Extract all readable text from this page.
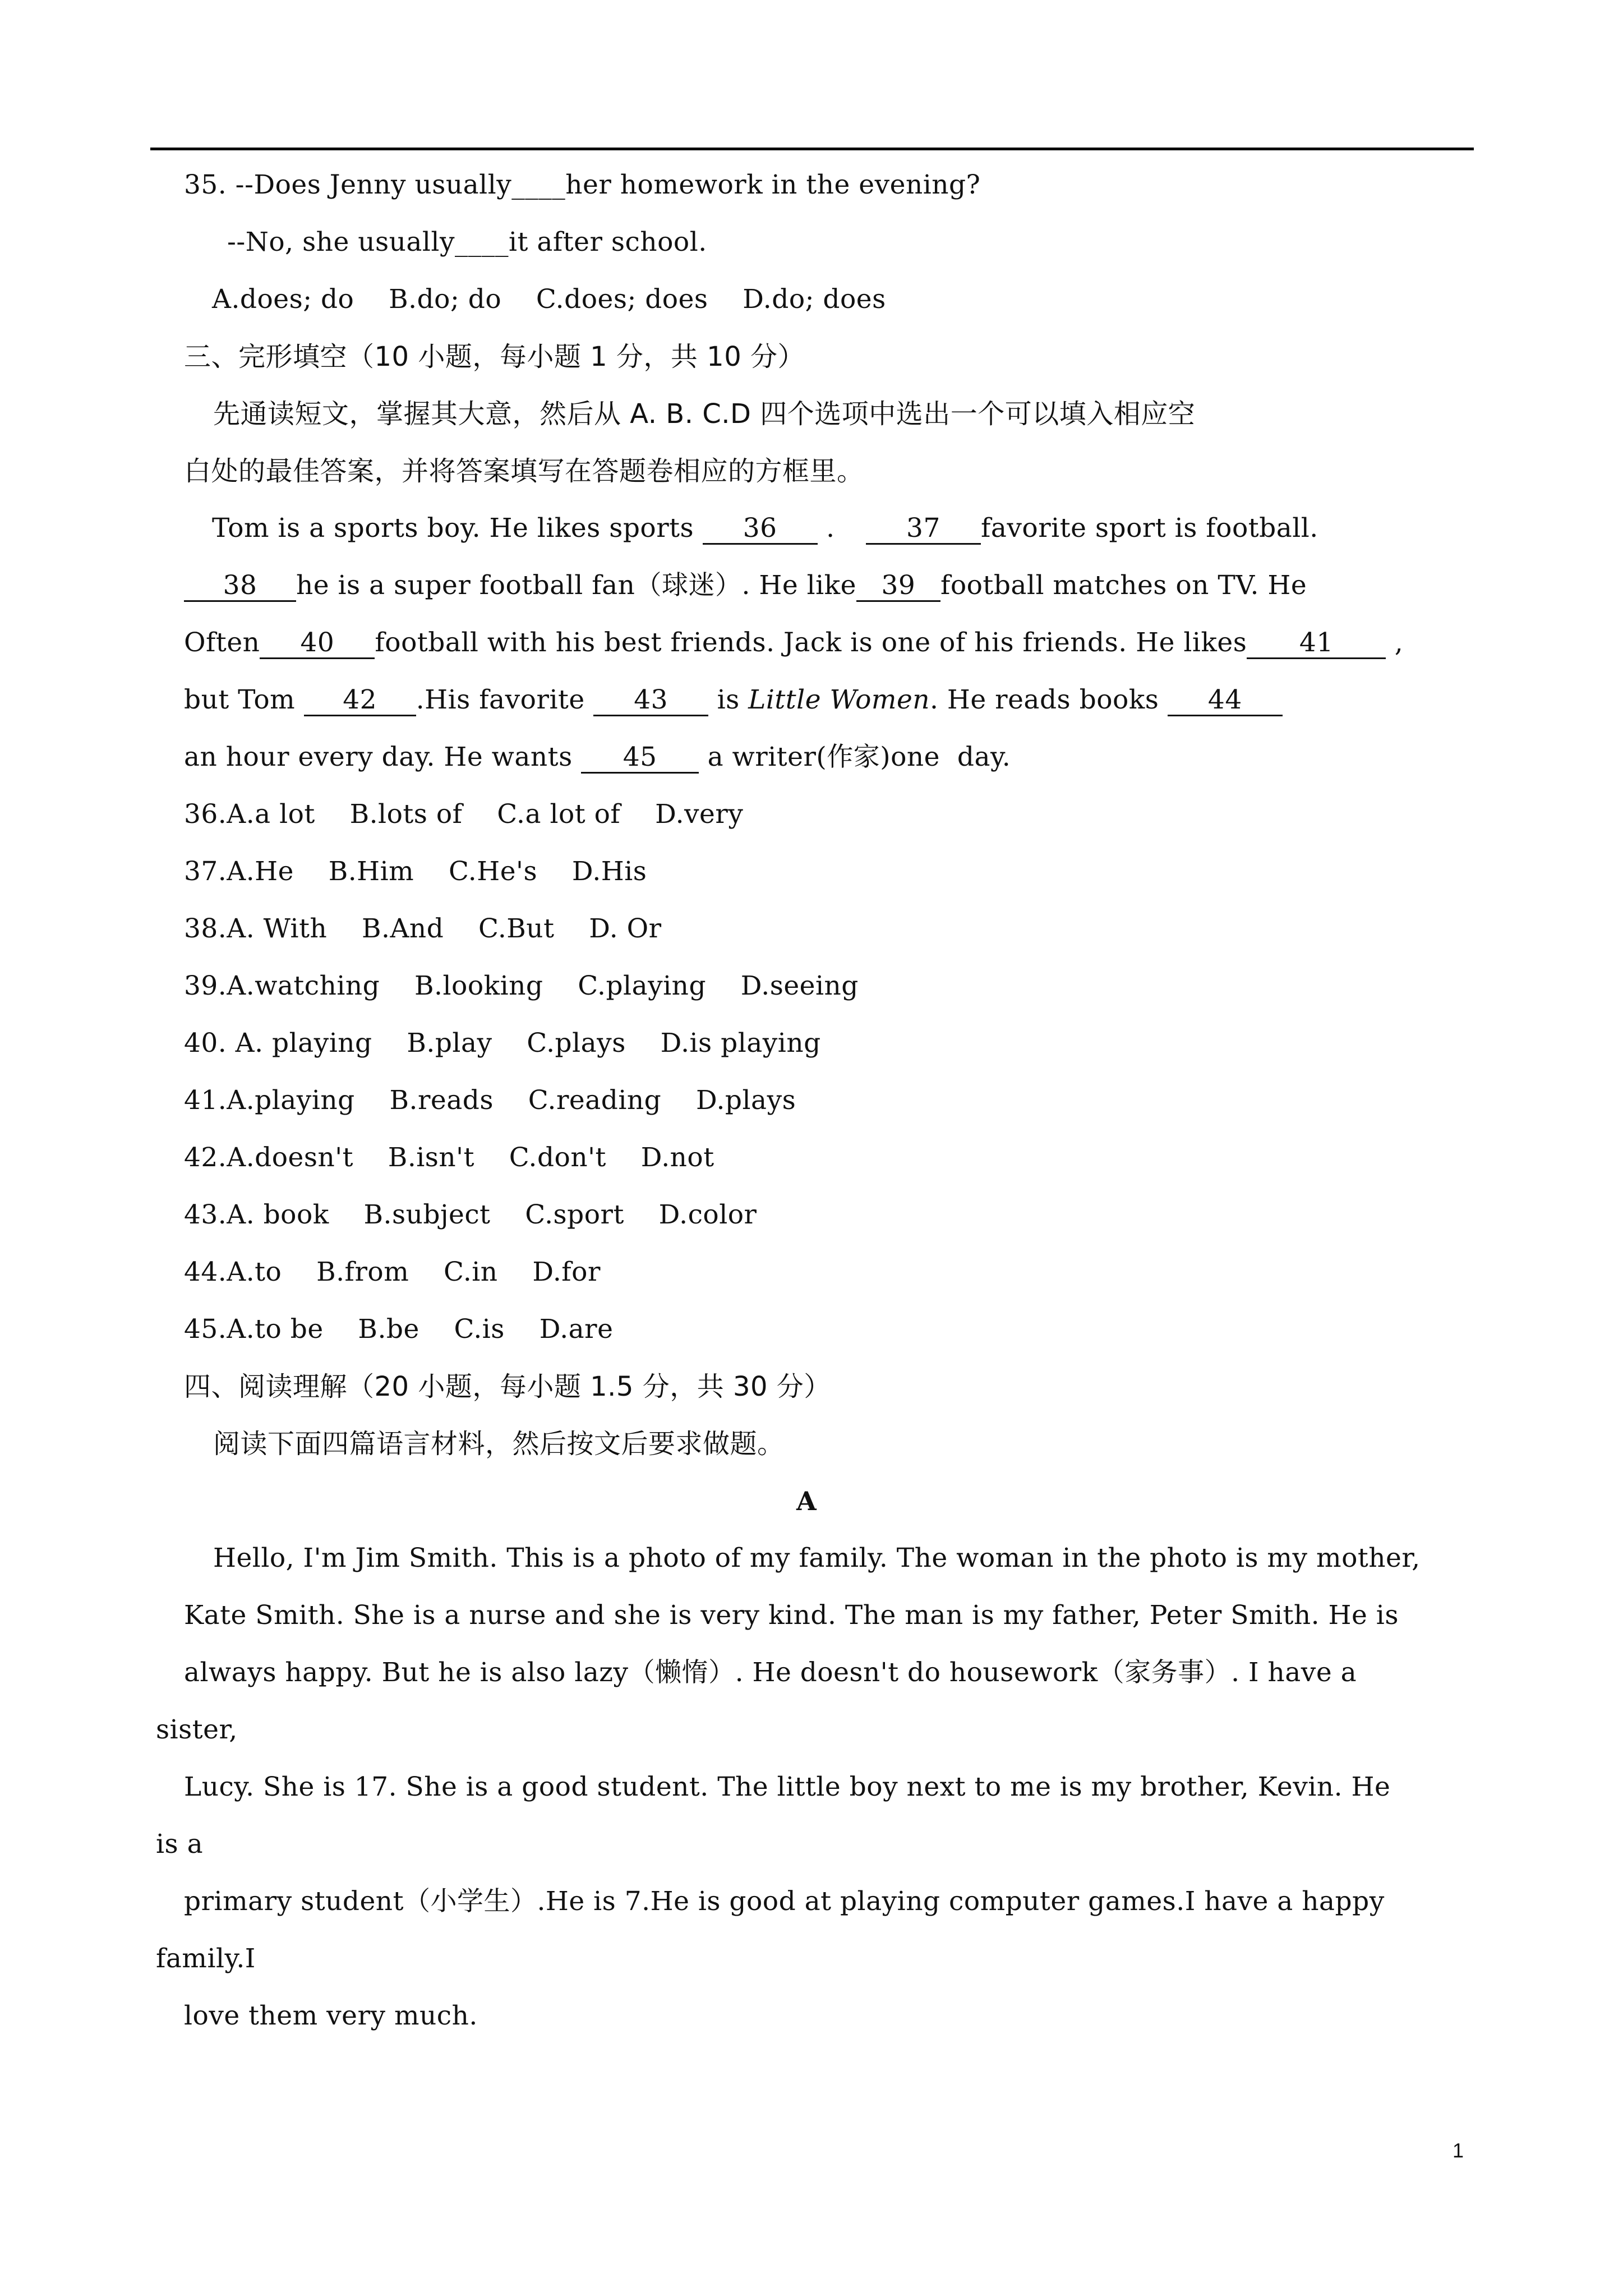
35. --Does Jenny usually____her homework in the evening?
--No, she usually____it after school.
A.does; do    B.do; do    C.does; does    D.do; does
三、完形填空（10 小题，每小题 1 分，共 10 分）
先通读短文，掌握其大意，然后从 A. B. C.D 四个选项中选出一个可以填入相应空
白处的最佳答案，并将答案填写在答题卷相应的方框里。
Tom is a sports boy. He likes sports 36 . 37 favorite sport is football.
38 he is a super football fan（球迷）. He like 39 football matches on TV. He
Often 40 football with his best friends. Jack is one of his friends. He likes 41 ,
but Tom 42 .His favorite 43 is Little Women. He reads books 44
an hour every day. He wants 45 a writer(作家)one  day.
36.A.a lot    B.lots of    C.a lot of    D.very
37.A.He    B.Him    C.He's    D.His
38.A. With    B.And    C.But    D. Or
39.A.watching    B.looking    C.playing    D.seeing
40. A. playing    B.play    C.plays    D.is playing
41.A.playing    B.reads    C.reading    D.plays
42.A.doesn't    B.isn't    C.don't    D.not
43.A. book    B.subject    C.sport    D.color
44.A.to    B.from    C.in    D.for
45.A.to be    B.be    C.is    D.are
四、阅读理解（20 小题，每小题 1.5 分，共 30 分）
阅读下面四篇语言材料，然后按文后要求做题。
A
Hello, I'm Jim Smith. This is a photo of my family. The woman in the photo is my mother,
Kate Smith. She is a nurse and she is very kind. The man is my father, Peter Smith. He is
always happy. But he is also lazy（懒惰）. He doesn't do housework（家务事）. I have a
sister,
Lucy. She is 17. She is a good student. The little boy next to me is my brother, Kevin. He
is a
primary student（小学生）.He is 7.He is good at playing computer games.I have a happy
family.I
love them very much.
1
